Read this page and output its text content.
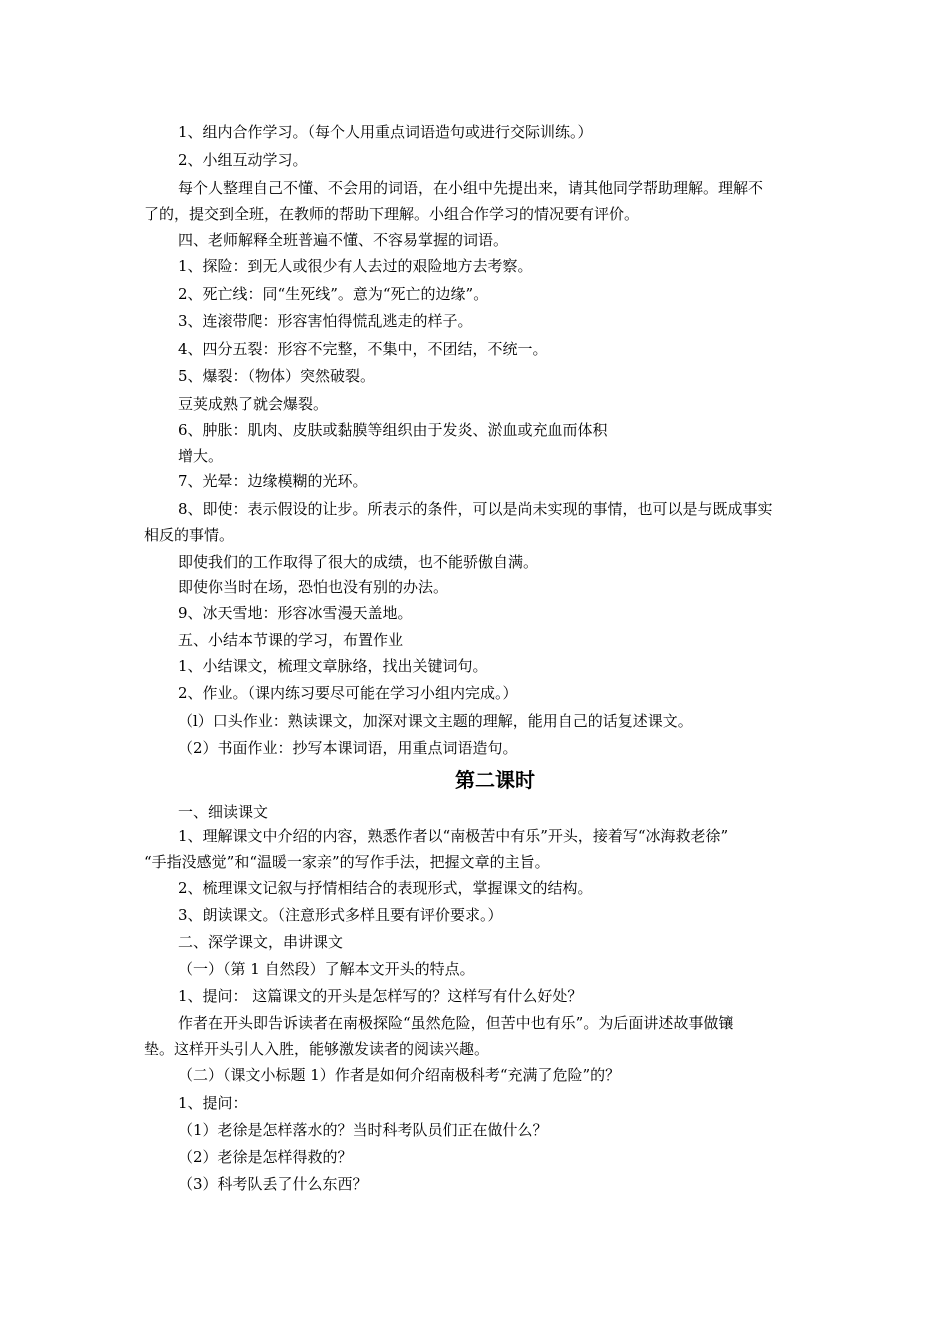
1、组内合作学习。（每个人用重点词语造句或进行交际训练。）
2、小组互动学习。
每个人整理自己不懂、不会用的词语，在小组中先提出来，请其他同学帮助理解。理解不
了的，提交到全班，在教师的帮助下理解。小组合作学习的情况要有评价。
四、老师解释全班普遍不懂、不容易掌握的词语。
1、探险：到无人或很少有人去过的艰险地方去考察。
2、死亡线：同“生死线”。意为“死亡的边缘”。
3、连滚带爬：形容害怕得慌乱逃走的样子。
4、四分五裂：形容不完整，不集中，不团结，不统一。
5、爆裂：（物体）突然破裂。
豆荚成熟了就会爆裂。
6、肿胀：肌肉、皮肤或黏膜等组织由于发炎、淤血或充血而体积
增大。
7、光晕：边缘模糊的光环。
8、即使：表示假设的让步。所表示的条件，可以是尚未实现的事情，也可以是与既成事实
相反的事情。
即使我们的工作取得了很大的成绩，也不能骄傲自满。
即使你当时在场，恐怕也没有别的办法。
9、冰天雪地：形容冰雪漫天盖地。
五、小结本节课的学习，布置作业
1、小结课文，梳理文章脉络，找出关键词句。
2、作业。（课内练习要尽可能在学习小组内完成。）
（l）口头作业：熟读课文，加深对课文主题的理解，能用自己的话复述课文。
（2）书面作业：抄写本课词语，用重点词语造句。
第二课时
一、细读课文
1、理解课文中介绍的内容，熟悉作者以“南极苦中有乐”开头，接着写“冰海救老徐”
“手指没感觉”和“温暖一家亲”的写作手法，把握文章的主旨。
2、梳理课文记叙与抒情相结合的表现形式，掌握课文的结构。
3、朗读课文。（注意形式多样且要有评价要求。）
二、深学课文，串讲课文
（一）（第 1 自然段）了解本文开头的特点。
1、提问： 这篇课文的开头是怎样写的？这样写有什么好处？
作者在开头即告诉读者在南极探险“虽然危险，但苦中也有乐”。为后面讲述故事做镶
垫。这样开头引人入胜，能够激发读者的阅读兴趣。
（二）（课文小标题 1）作者是如何介绍南极科考“充满了危险”的？
1、提问：
（1）老徐是怎样落水的？当时科考队员们正在做什么？
（2）老徐是怎样得救的？
（3）科考队丢了什么东西？
